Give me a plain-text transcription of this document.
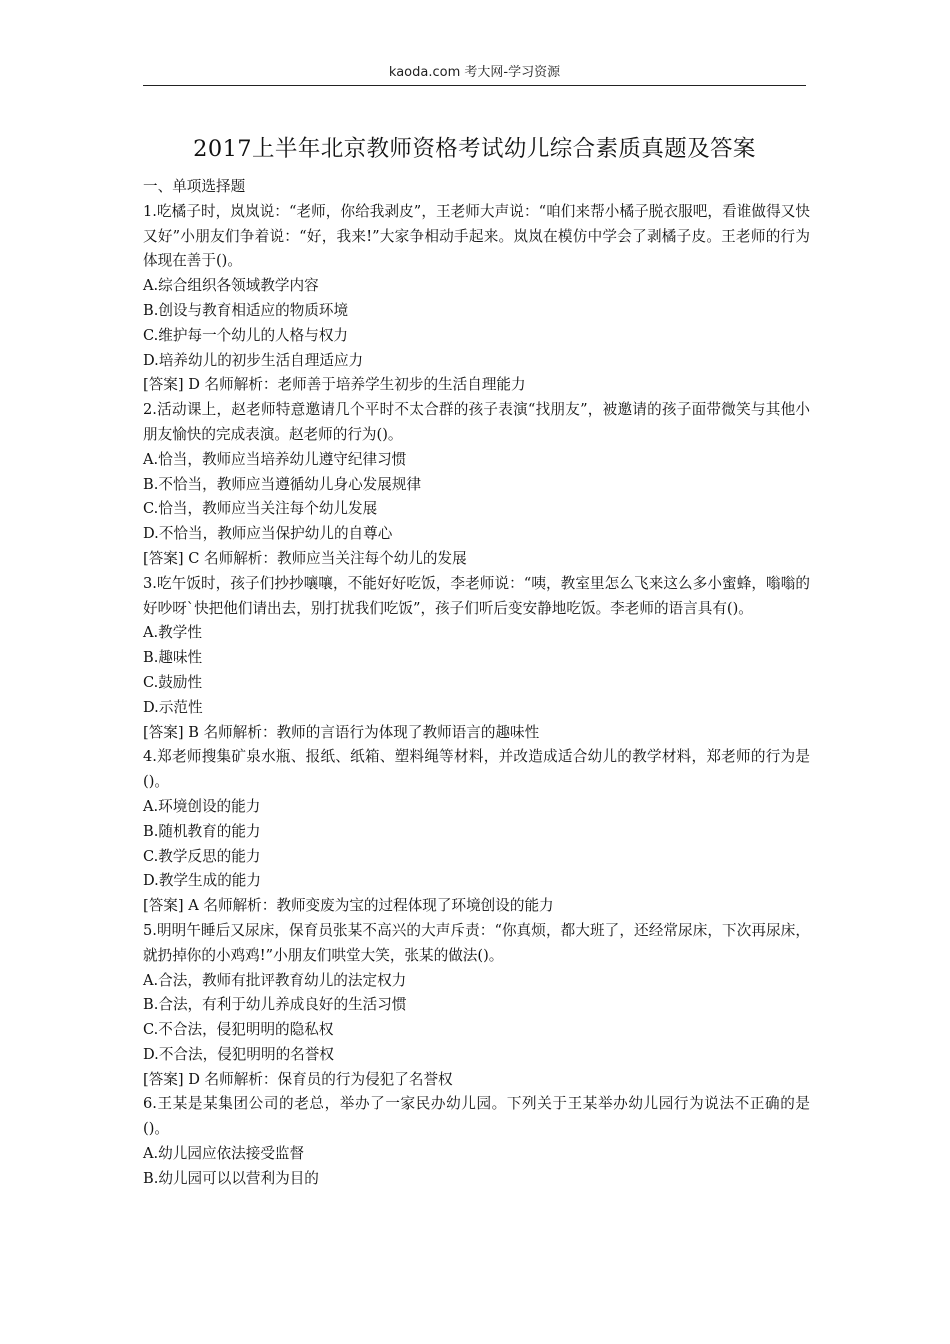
kaoda.com 考大网-学习资源
2017上半年北京教师资格考试幼儿综合素质真题及答案

一、单项选择题

1.吃橘子时，岚岚说：“老师，你给我剥皮”，王老师大声说：“咱们来帮小橘子脱衣服吧，看谁做得又快又好”小朋友们争着说：“好，我来!”大家争相动手起来。岚岚在模仿中学会了剥橘子皮。王老师的行为体现在善于()。

A.综合组织各领域教学内容

B.创设与教育相适应的物质环境

C.维护每一个幼儿的人格与权力

D.培养幼儿的初步生活自理适应力

[答案] D 名师解析：老师善于培养学生初步的生活自理能力

2.活动课上，赵老师特意邀请几个平时不太合群的孩子表演“找朋友”，被邀请的孩子面带微笑与其他小朋友愉快的完成表演。赵老师的行为()。

A.恰当，教师应当培养幼儿遵守纪律习惯

B.不恰当，教师应当遵循幼儿身心发展规律

C.恰当，教师应当关注每个幼儿发展

D.不恰当，教师应当保护幼儿的自尊心

[答案] C 名师解析：教师应当关注每个幼儿的发展

3.吃午饭时，孩子们抄抄嚷嚷，不能好好吃饭，李老师说：“咦，教室里怎么飞来这么多小蜜蜂，嗡嗡的好吵呀`快把他们请出去，别打扰我们吃饭”，孩子们听后变安静地吃饭。李老师的语言具有()。

A.教学性

B.趣味性

C.鼓励性

D.示范性

[答案] B 名师解析：教师的言语行为体现了教师语言的趣味性

4.郑老师搜集矿泉水瓶、报纸、纸箱、塑料绳等材料，并改造成适合幼儿的教学材料，郑老师的行为是()。

A.环境创设的能力

B.随机教育的能力

C.教学反思的能力

D.教学生成的能力

[答案] A 名师解析：教师变废为宝的过程体现了环境创设的能力

5.明明午睡后又尿床，保育员张某不高兴的大声斥责：“你真烦，都大班了，还经常尿床，下次再尿床，就扔掉你的小鸡鸡!”小朋友们哄堂大笑，张某的做法()。

A.合法，教师有批评教育幼儿的法定权力

B.合法，有利于幼儿养成良好的生活习惯

C.不合法，侵犯明明的隐私权

D.不合法，侵犯明明的名誉权

[答案] D 名师解析：保育员的行为侵犯了名誉权

6.王某是某集团公司的老总，举办了一家民办幼儿园。下列关于王某举办幼儿园行为说法不正确的是()。

A.幼儿园应依法接受监督

B.幼儿园可以以营利为目的
